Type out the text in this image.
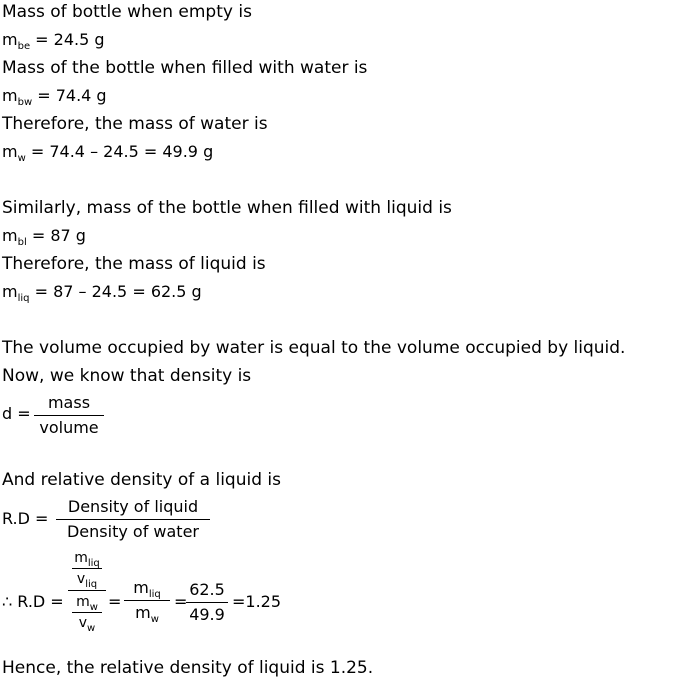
Mass of bottle when empty is
$m_{be} = 24.5$ g
Mass of the bottle when filled with water is
$m_{bw} = 74.4$ g
Therefore, the mass of water is
$m_w = 74.4 - 24.5 = 49.9$ g
Similarly, mass of the bottle when filled with liquid is
$m_{bl} = 87$ g
Therefore, the mass of liquid is
$m_{liq} = 87 - 24.5 = 62.5$ g
The volume occupied by water is equal to the volume occupied by liquid.
Now, we know that density is
d =
mass
volume
And relative density of a liquid is
R.D =
Density of liquid
Density of water
∴ R.D =
$m_{liq}$
$v_{liq}$
$m_w$
$v_w$
=
$m_{liq}$
$m_w$
=
62.5
49.9
=1.25
Hence, the relative density of liquid is 1.25.
